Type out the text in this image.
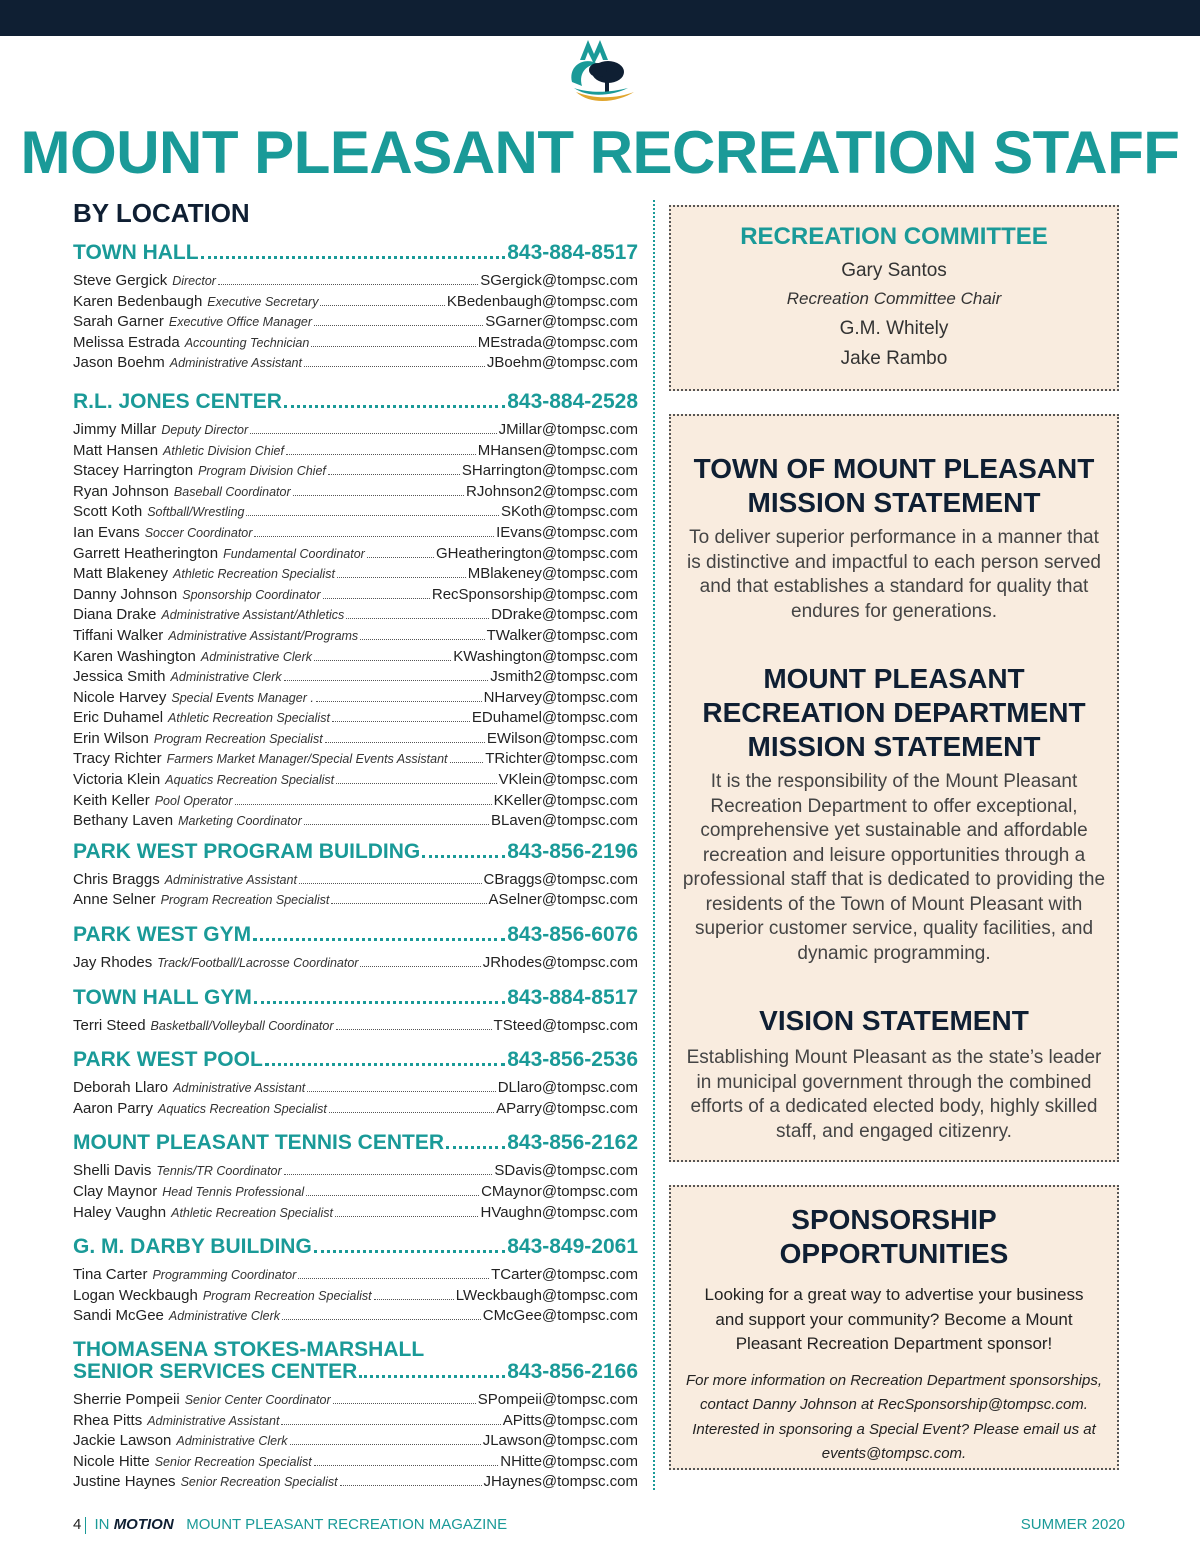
MOUNT PLEASANT RECREATION STAFF
BY LOCATION
TOWN HALL	843-884-8517
Steve Gergick Director	SGergick@tompsc.com
Karen Bedenbaugh Executive Secretary	KBedenbaugh@tompsc.com
Sarah Garner Executive Office Manager	SGarner@tompsc.com
Melissa Estrada Accounting Technician	MEstrada@tompsc.com
Jason Boehm Administrative Assistant	JBoehm@tompsc.com
R.L. JONES CENTER	843-884-2528
Jimmy Millar Deputy Director	JMillar@tompsc.com
Matt Hansen Athletic Division Chief	MHansen@tompsc.com
Stacey Harrington Program Division Chief	SHarrington@tompsc.com
Ryan Johnson Baseball Coordinator	RJohnson2@tompsc.com
Scott Koth Softball/Wrestling	SKoth@tompsc.com
Ian Evans Soccer Coordinator	IEvans@tompsc.com
Garrett Heatherington Fundamental Coordinator	GHeatherington@tompsc.com
Matt Blakeney Athletic Recreation Specialist	MBlakeney@tompsc.com
Danny Johnson Sponsorship Coordinator	RecSponsorship@tompsc.com
Diana Drake Administrative Assistant/Athletics	DDrake@tompsc.com
Tiffani Walker Administrative Assistant/Programs	TWalker@tompsc.com
Karen Washington Administrative Clerk	KWashington@tompsc.com
Jessica Smith Administrative Clerk	Jsmith2@tompsc.com
Nicole Harvey Special Events Manager .	NHarvey@tompsc.com
Eric Duhamel Athletic Recreation Specialist	EDuhamel@tompsc.com
Erin Wilson Program Recreation Specialist	EWilson@tompsc.com
Tracy Richter Farmers Market Manager/Special Events Assistant	TRichter@tompsc.com
Victoria Klein Aquatics Recreation Specialist	VKlein@tompsc.com
Keith Keller Pool Operator	KKeller@tompsc.com
Bethany Laven Marketing Coordinator	BLaven@tompsc.com
PARK WEST PROGRAM BUILDING	843-856-2196
Chris Braggs Administrative Assistant	CBraggs@tompsc.com
Anne Selner Program Recreation Specialist	ASelner@tompsc.com
PARK WEST GYM	843-856-6076
Jay Rhodes Track/Football/Lacrosse Coordinator	JRhodes@tompsc.com
TOWN HALL GYM	843-884-8517
Terri Steed Basketball/Volleyball Coordinator	TSteed@tompsc.com
PARK WEST POOL	843-856-2536
Deborah Llaro Administrative Assistant	DLlaro@tompsc.com
Aaron Parry Aquatics Recreation Specialist	AParry@tompsc.com
MOUNT PLEASANT TENNIS CENTER	843-856-2162
Shelli Davis Tennis/TR Coordinator	SDavis@tompsc.com
Clay Maynor Head Tennis Professional	CMaynor@tompsc.com
Haley Vaughn Athletic Recreation Specialist	HVaughn@tompsc.com
G. M. DARBY BUILDING	843-849-2061
Tina Carter Programming Coordinator	TCarter@tompsc.com
Logan Weckbaugh Program Recreation Specialist	LWeckbaugh@tompsc.com
Sandi McGee Administrative Clerk	CMcGee@tompsc.com
THOMASENA STOKES-MARSHALL
SENIOR SERVICES CENTER	843-856-2166
Sherrie Pompeii Senior Center Coordinator	SPompeii@tompsc.com
Rhea Pitts Administrative Assistant	APitts@tompsc.com
Jackie Lawson Administrative Clerk	JLawson@tompsc.com
Nicole Hitte Senior Recreation Specialist	NHitte@tompsc.com
Justine Haynes Senior Recreation Specialist	JHaynes@tompsc.com
RECREATION COMMITTEE
Gary Santos
Recreation Committee Chair
G.M. Whitely
Jake Rambo
TOWN OF MOUNT PLEASANT
MISSION STATEMENT
To deliver superior performance in a manner that is distinctive and impactful to each person served and that establishes a standard for quality that endures for generations.
MOUNT PLEASANT
RECREATION DEPARTMENT
MISSION STATEMENT
It is the responsibility of the Mount Pleasant Recreation Department to offer exceptional, comprehensive yet sustainable and affordable recreation and leisure opportunities through a professional staff that is dedicated to providing the residents of the Town of Mount Pleasant with superior customer service, quality facilities, and dynamic programming.
VISION STATEMENT
Establishing Mount Pleasant as the state’s leader in municipal government through the combined efforts of a dedicated elected body, highly skilled staff, and engaged citizenry.
SPONSORSHIP
OPPORTUNITIES
Looking for a great way to advertise your business and support your community? Become a Mount Pleasant Recreation Department sponsor!
For more information on Recreation Department sponsorships, contact Danny Johnson at RecSponsorship@tompsc.com. Interested in sponsoring a Special Event? Please email us at events@tompsc.com.
4 IN MOTION MOUNT PLEASANT RECREATION MAGAZINE	SUMMER 2020
